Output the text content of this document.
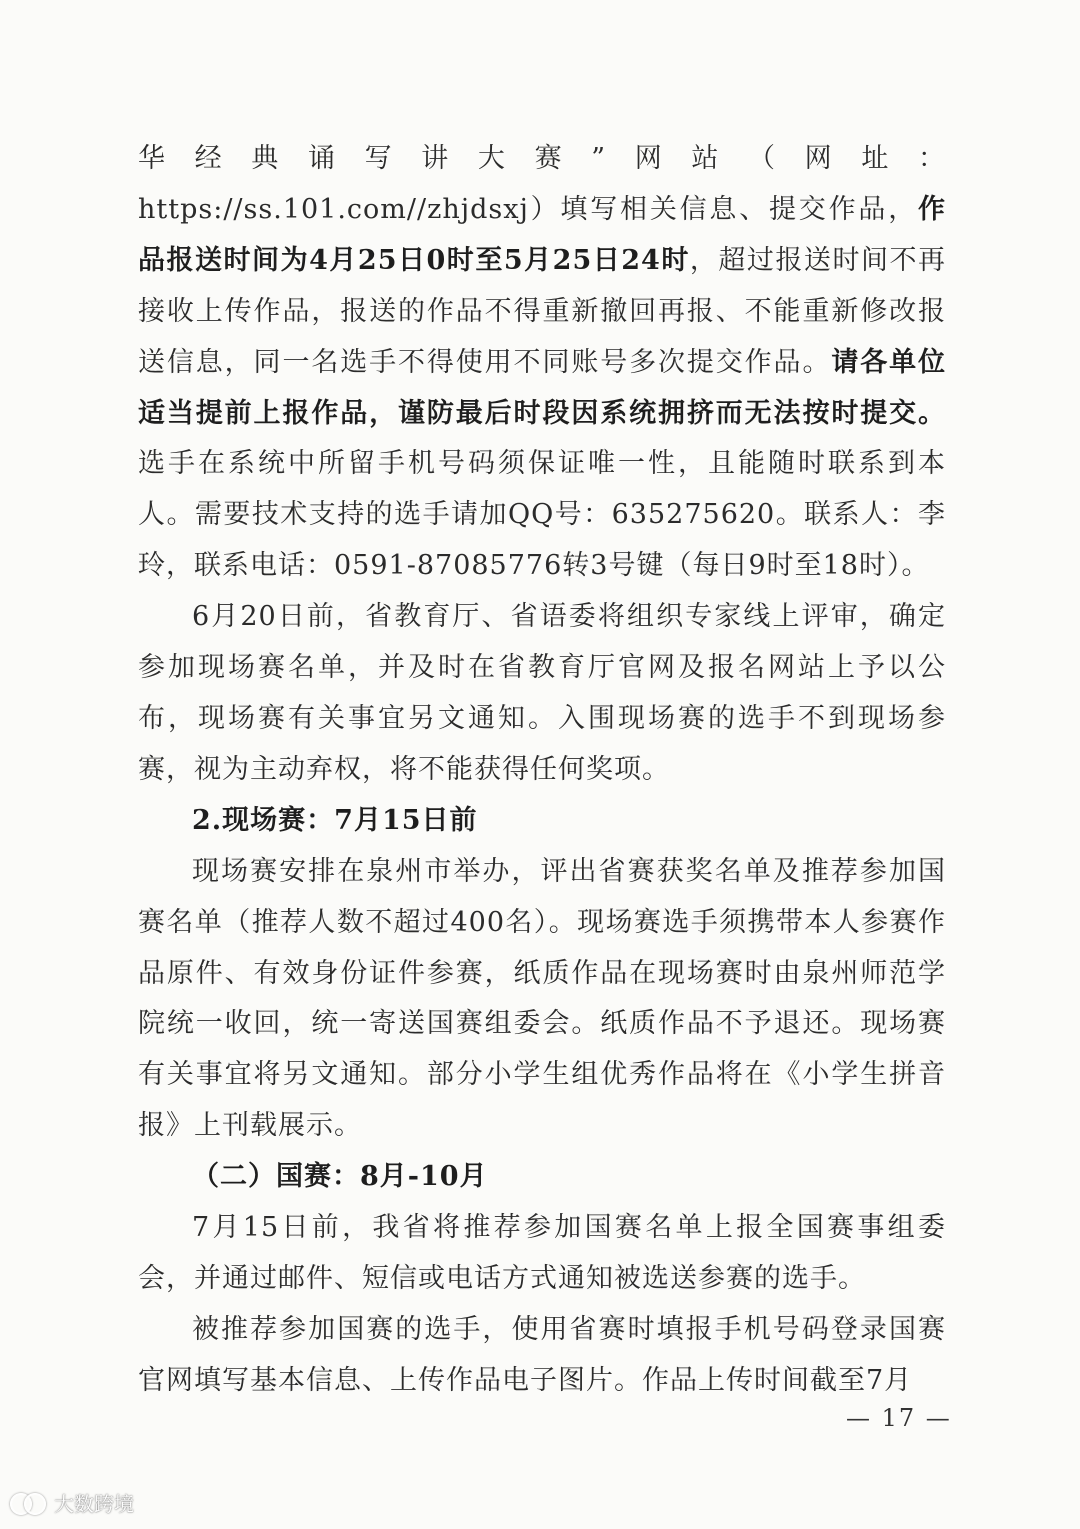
华经典诵写讲大赛”网站（网址：https://ss.101.com//zhjdsxj）填写相关信息、提交作品，作品报送时间为4月25日0时至5月25日24时，超过报送时间不再接收上传作品，报送的作品不得重新撤回再报、不能重新修改报送信息，同一名选手不得使用不同账号多次提交作品。请各单位适当提前上报作品，谨防最后时段因系统拥挤而无法按时提交。选手在系统中所留手机号码须保证唯一性，且能随时联系到本人。需要技术支持的选手请加QQ号：635275620。联系人：李玲，联系电话：0591-87085776转3号键（每日9时至18时）。

6月20日前，省教育厅、省语委将组织专家线上评审，确定参加现场赛名单，并及时在省教育厅官网及报名网站上予以公布，现场赛有关事宜另文通知。入围现场赛的选手不到现场参赛，视为主动弃权，将不能获得任何奖项。

2.现场赛：7月15日前

现场赛安排在泉州市举办，评出省赛获奖名单及推荐参加国赛名单（推荐人数不超过400名）。现场赛选手须携带本人参赛作品原件、有效身份证件参赛，纸质作品在现场赛时由泉州师范学院统一收回，统一寄送国赛组委会。纸质作品不予退还。现场赛有关事宜将另文通知。部分小学生组优秀作品将在《小学生拼音报》上刊载展示。

（二）国赛：8月-10月

7月15日前，我省将推荐参加国赛名单上报全国赛事组委会，并通过邮件、短信或电话方式通知被选送参赛的选手。

被推荐参加国赛的选手，使用省赛时填报手机号码登录国赛官网填写基本信息、上传作品电子图片。作品上传时间截至7月

— 17 —
大数跨境
